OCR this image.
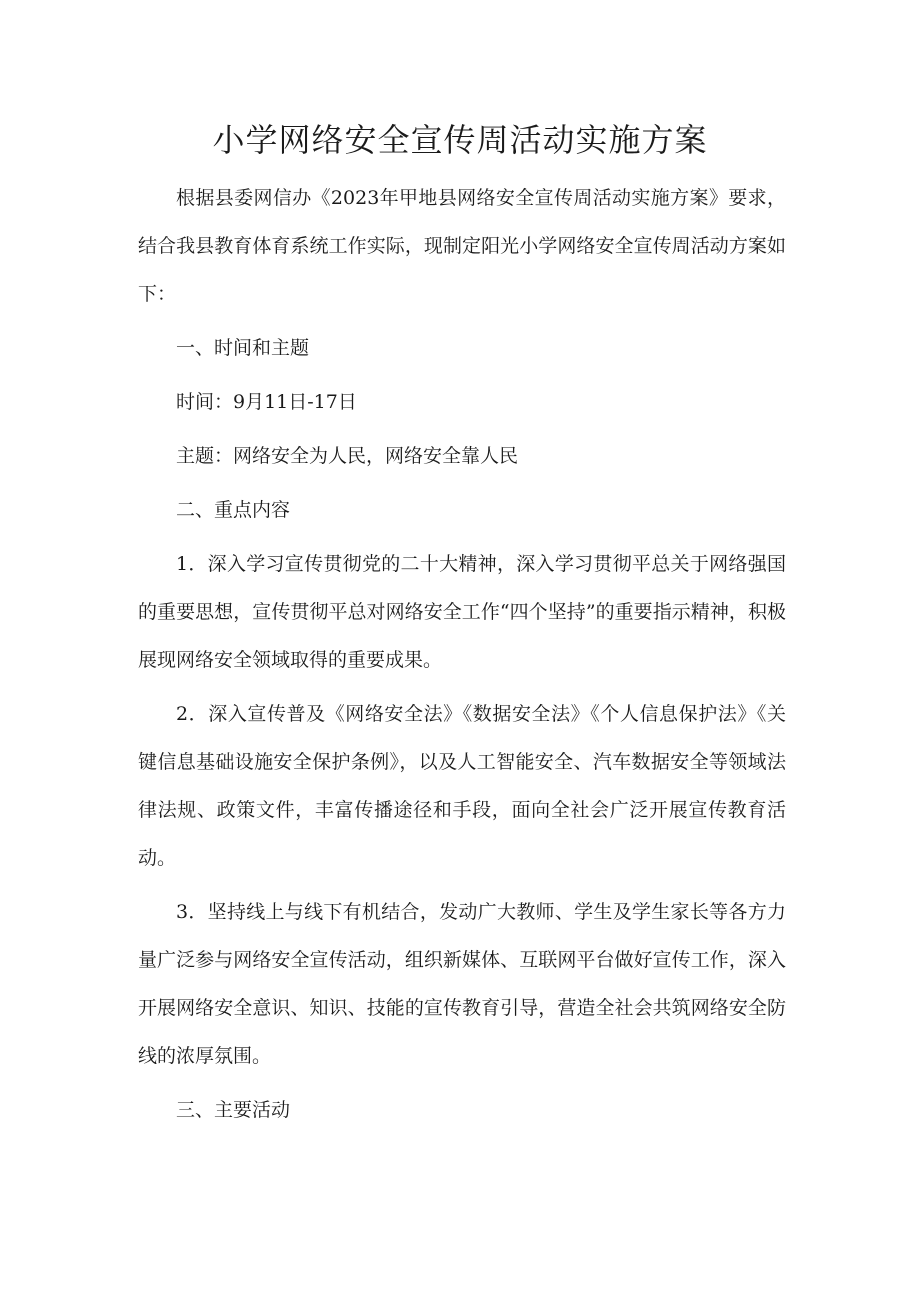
小学网络安全宣传周活动实施方案

根据县委网信办《2023年甲地县网络安全宣传周活动实施方案》要求，结合我县教育体育系统工作实际，现制定阳光小学网络安全宣传周活动方案如下：

一、时间和主题

时间：9月11日-17日

主题：网络安全为人民，网络安全靠人民

二、重点内容

1．深入学习宣传贯彻党的二十大精神，深入学习贯彻平总关于网络强国的重要思想，宣传贯彻平总对网络安全工作“四个坚持”的重要指示精神，积极展现网络安全领域取得的重要成果。

2．深入宣传普及《网络安全法》《数据安全法》《个人信息保护法》《关键信息基础设施安全保护条例》，以及人工智能安全、汽车数据安全等领域法律法规、政策文件，丰富传播途径和手段，面向全社会广泛开展宣传教育活动。

3．坚持线上与线下有机结合，发动广大教师、学生及学生家长等各方力量广泛参与网络安全宣传活动，组织新媒体、互联网平台做好宣传工作，深入开展网络安全意识、知识、技能的宣传教育引导，营造全社会共筑网络安全防线的浓厚氛围。

三、主要活动
